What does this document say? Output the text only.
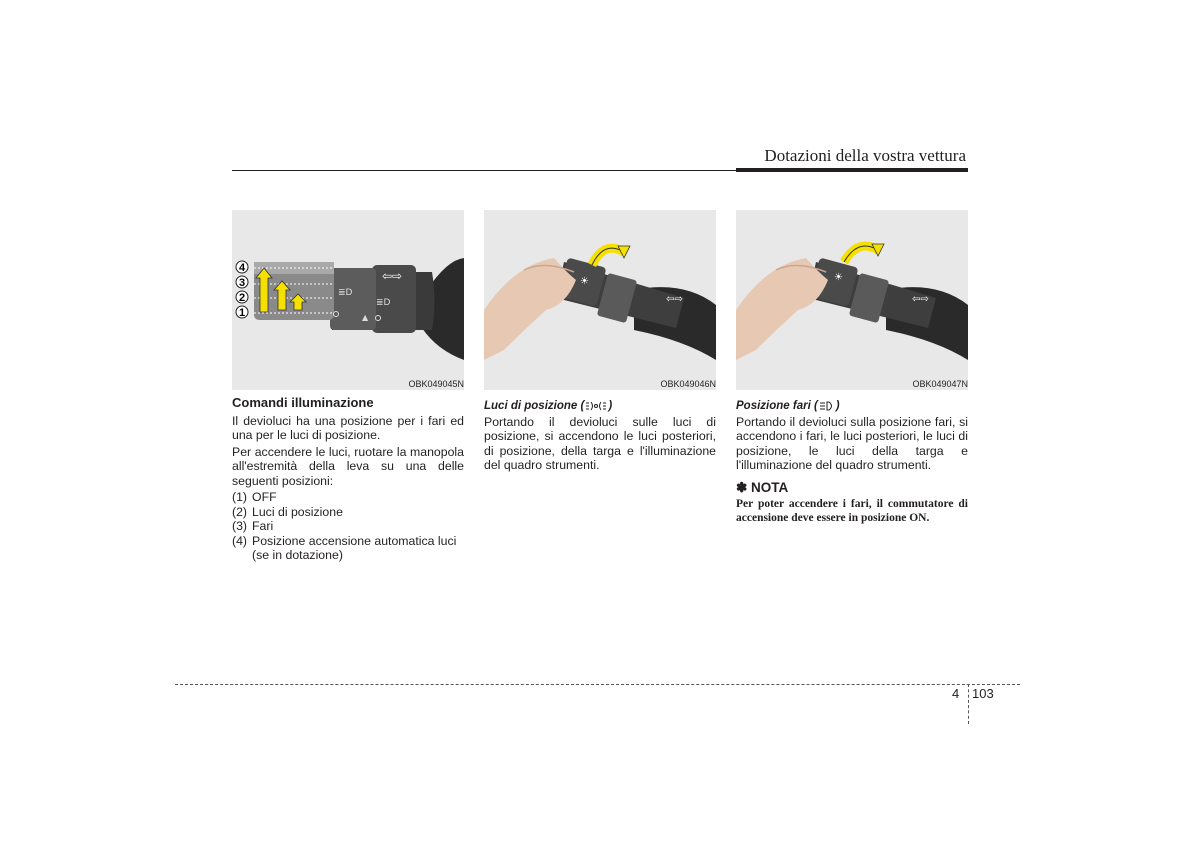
Dotazioni della vostra vettura
⇦⇨
≣D
≣D
▲
4
3
2
1
OBK049045N
☀
⇦⇨
OBK049046N
☀
⇦⇨
OBK049047N
Comandi illuminazione

Il devioluci ha una posizione per i fari ed una per le luci di posizione.

Per accendere le luci, ruotare la manopola all'estremità della leva su una delle seguenti posizioni:

(1) OFF
(2) Luci di posizione
(3) Fari
(4) Posizione accensione automatica luci (se in dotazione)
Luci di posizione ( )

Portando il devioluci sulle luci di posizione, si accendono le luci posteriori, di posizione, della targa e l'illuminazione del quadro strumenti.

Posizione fari ( )

Portando il devioluci sulla posizione fari, si accendono i fari, le luci posteriori, le luci di posizione, le luci della targa e l'illuminazione del quadro strumenti.

✽ NOTA
Per poter accendere i fari, il commutatore di accensione deve essere in posizione ON.
4 103
